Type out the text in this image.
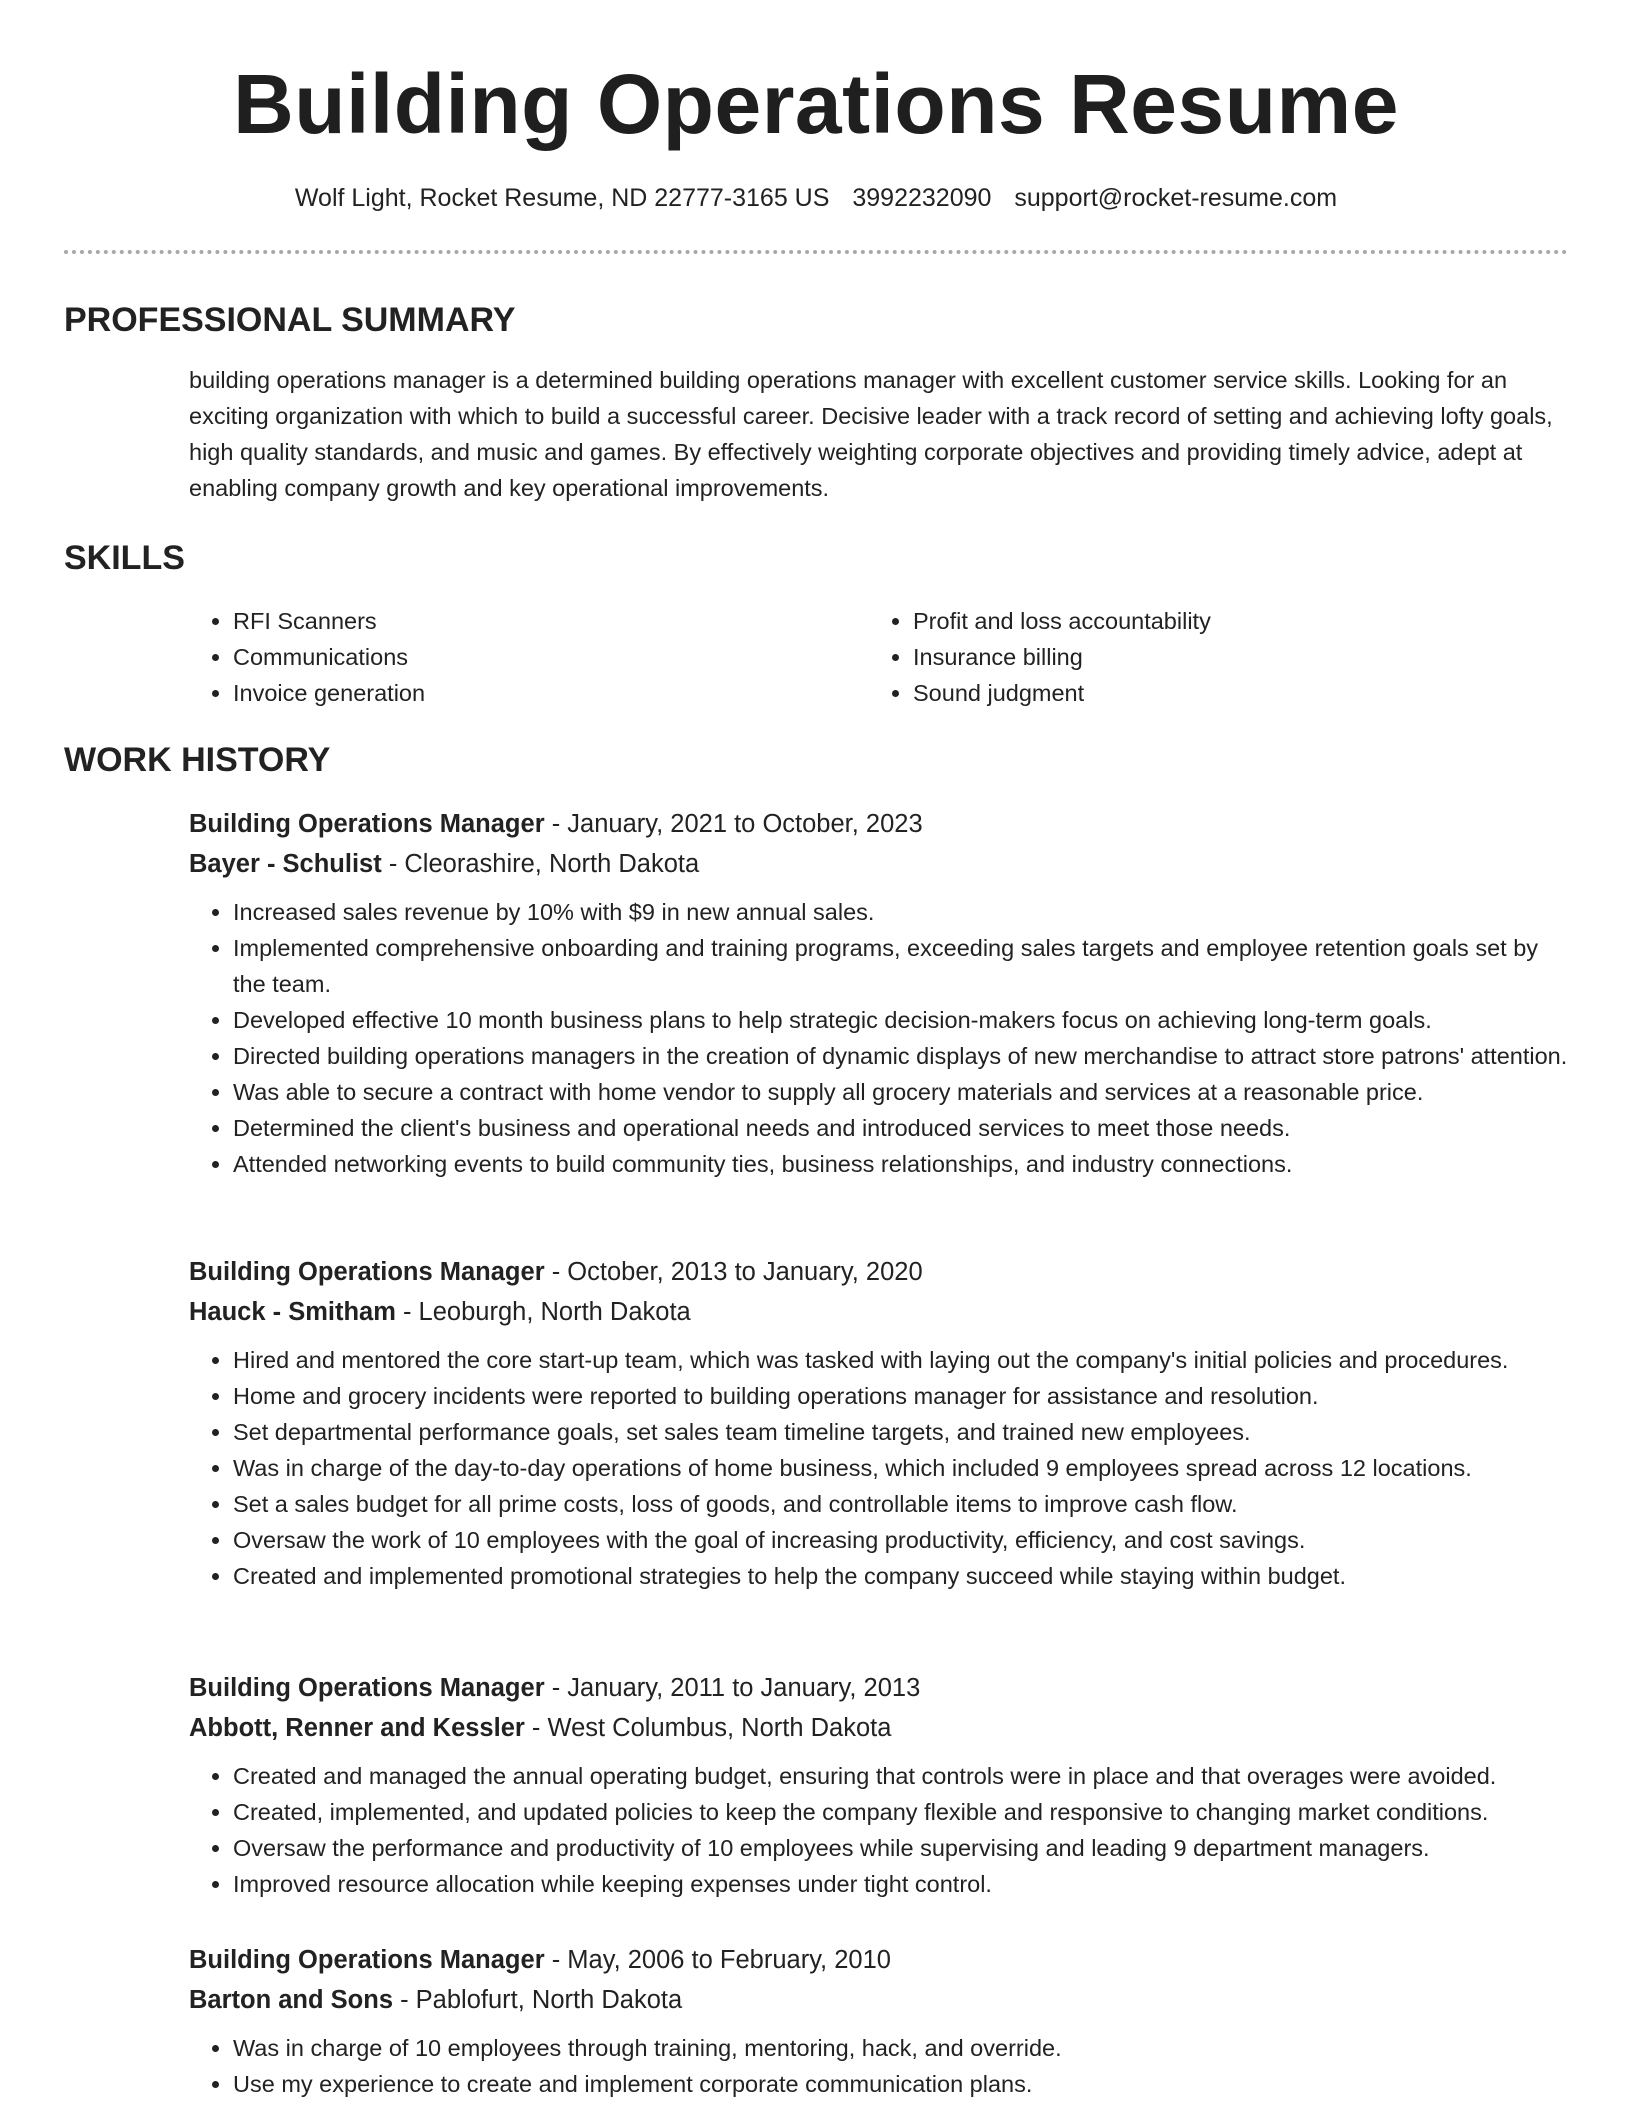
Building Operations Resume
Wolf Light, Rocket Resume, ND 22777-3165 US 3992232090 support@rocket-resume.com
PROFESSIONAL SUMMARY

building operations manager is a determined building operations manager with excellent customer service skills. Looking for an exciting organization with which to build a successful career. Decisive leader with a track record of setting and achieving lofty goals, high quality standards, and music and games. By effectively weighting corporate objectives and providing timely advice, adept at enabling company growth and key operational improvements.

SKILLS
• RFI Scanners
• Communications
• Invoice generation
• Profit and loss accountability
• Insurance billing
• Sound judgment
WORK HISTORY
Building Operations Manager - January, 2021 to October, 2023
Bayer - Schulist - Cleorashire, North Dakota
• Increased sales revenue by 10% with $9 in new annual sales.
• Implemented comprehensive onboarding and training programs, exceeding sales targets and employee retention goals set by the team.
• Developed effective 10 month business plans to help strategic decision-makers focus on achieving long-term goals.
• Directed building operations managers in the creation of dynamic displays of new merchandise to attract store patrons' attention.
• Was able to secure a contract with home vendor to supply all grocery materials and services at a reasonable price.
• Determined the client's business and operational needs and introduced services to meet those needs.
• Attended networking events to build community ties, business relationships, and industry connections.
Building Operations Manager - October, 2013 to January, 2020
Hauck - Smitham - Leoburgh, North Dakota
• Hired and mentored the core start-up team, which was tasked with laying out the company's initial policies and procedures.
• Home and grocery incidents were reported to building operations manager for assistance and resolution.
• Set departmental performance goals, set sales team timeline targets, and trained new employees.
• Was in charge of the day-to-day operations of home business, which included 9 employees spread across 12 locations.
• Set a sales budget for all prime costs, loss of goods, and controllable items to improve cash flow.
• Oversaw the work of 10 employees with the goal of increasing productivity, efficiency, and cost savings.
• Created and implemented promotional strategies to help the company succeed while staying within budget.
Building Operations Manager - January, 2011 to January, 2013
Abbott, Renner and Kessler - West Columbus, North Dakota
• Created and managed the annual operating budget, ensuring that controls were in place and that overages were avoided.
• Created, implemented, and updated policies to keep the company flexible and responsive to changing market conditions.
• Oversaw the performance and productivity of 10 employees while supervising and leading 9 department managers.
• Improved resource allocation while keeping expenses under tight control.
Building Operations Manager - May, 2006 to February, 2010
Barton and Sons - Pablofurt, North Dakota
• Was in charge of 10 employees through training, mentoring, hack, and override.
• Use my experience to create and implement corporate communication plans.
